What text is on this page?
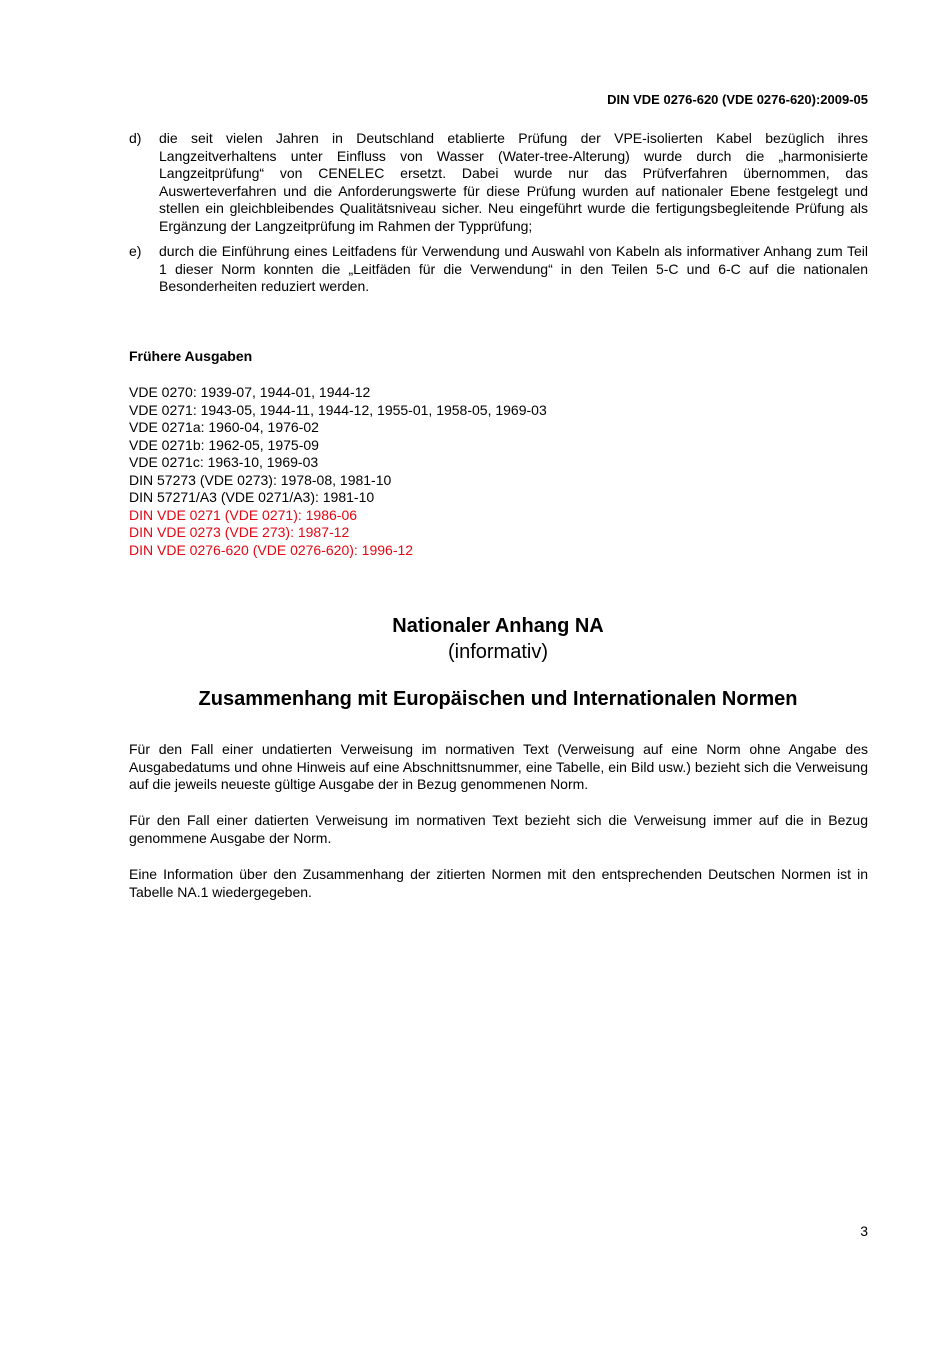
DIN VDE 0276-620 (VDE 0276-620):2009-05
d)	die seit vielen Jahren in Deutschland etablierte Prüfung der VPE-isolierten Kabel bezüglich ihres Langzeitverhaltens unter Einfluss von Wasser (Water-tree-Alterung) wurde durch die „harmonisierte Langzeitprüfung“ von CENELEC ersetzt. Dabei wurde nur das Prüfverfahren übernommen, das Auswerteverfahren und die Anforderungswerte für diese Prüfung wurden auf nationaler Ebene festgelegt und stellen ein gleichbleibendes Qualitätsniveau sicher. Neu eingeführt wurde die fertigungsbegleitende Prüfung als Ergänzung der Langzeitprüfung im Rahmen der Typprüfung;
e)	durch die Einführung eines Leitfadens für Verwendung und Auswahl von Kabeln als informativer Anhang zum Teil 1 dieser Norm konnten die „Leitfäden für die Verwendung“ in den Teilen 5-C und 6-C auf die nationalen Besonderheiten reduziert werden.
Frühere Ausgaben
VDE 0270: 1939-07, 1944-01, 1944-12
VDE 0271: 1943-05, 1944-11, 1944-12, 1955-01, 1958-05, 1969-03
VDE 0271a: 1960-04, 1976-02
VDE 0271b: 1962-05, 1975-09
VDE 0271c: 1963-10, 1969-03
DIN 57273 (VDE 0273): 1978-08, 1981-10
DIN 57271/A3 (VDE 0271/A3): 1981-10
DIN VDE 0271 (VDE 0271): 1986-06
DIN VDE 0273 (VDE 273): 1987-12
DIN VDE 0276-620 (VDE 0276-620): 1996-12
Nationaler Anhang NA
(informativ)
Zusammenhang mit Europäischen und Internationalen Normen

Für den Fall einer undatierten Verweisung im normativen Text (Verweisung auf eine Norm ohne Angabe des Ausgabedatums und ohne Hinweis auf eine Abschnittsnummer, eine Tabelle, ein Bild usw.) bezieht sich die Verweisung auf die jeweils neueste gültige Ausgabe der in Bezug genommenen Norm.

Für den Fall einer datierten Verweisung im normativen Text bezieht sich die Verweisung immer auf die in Bezug genommene Ausgabe der Norm.

Eine Information über den Zusammenhang der zitierten Normen mit den entsprechenden Deutschen Normen ist in Tabelle NA.1 wiedergegeben.

3
